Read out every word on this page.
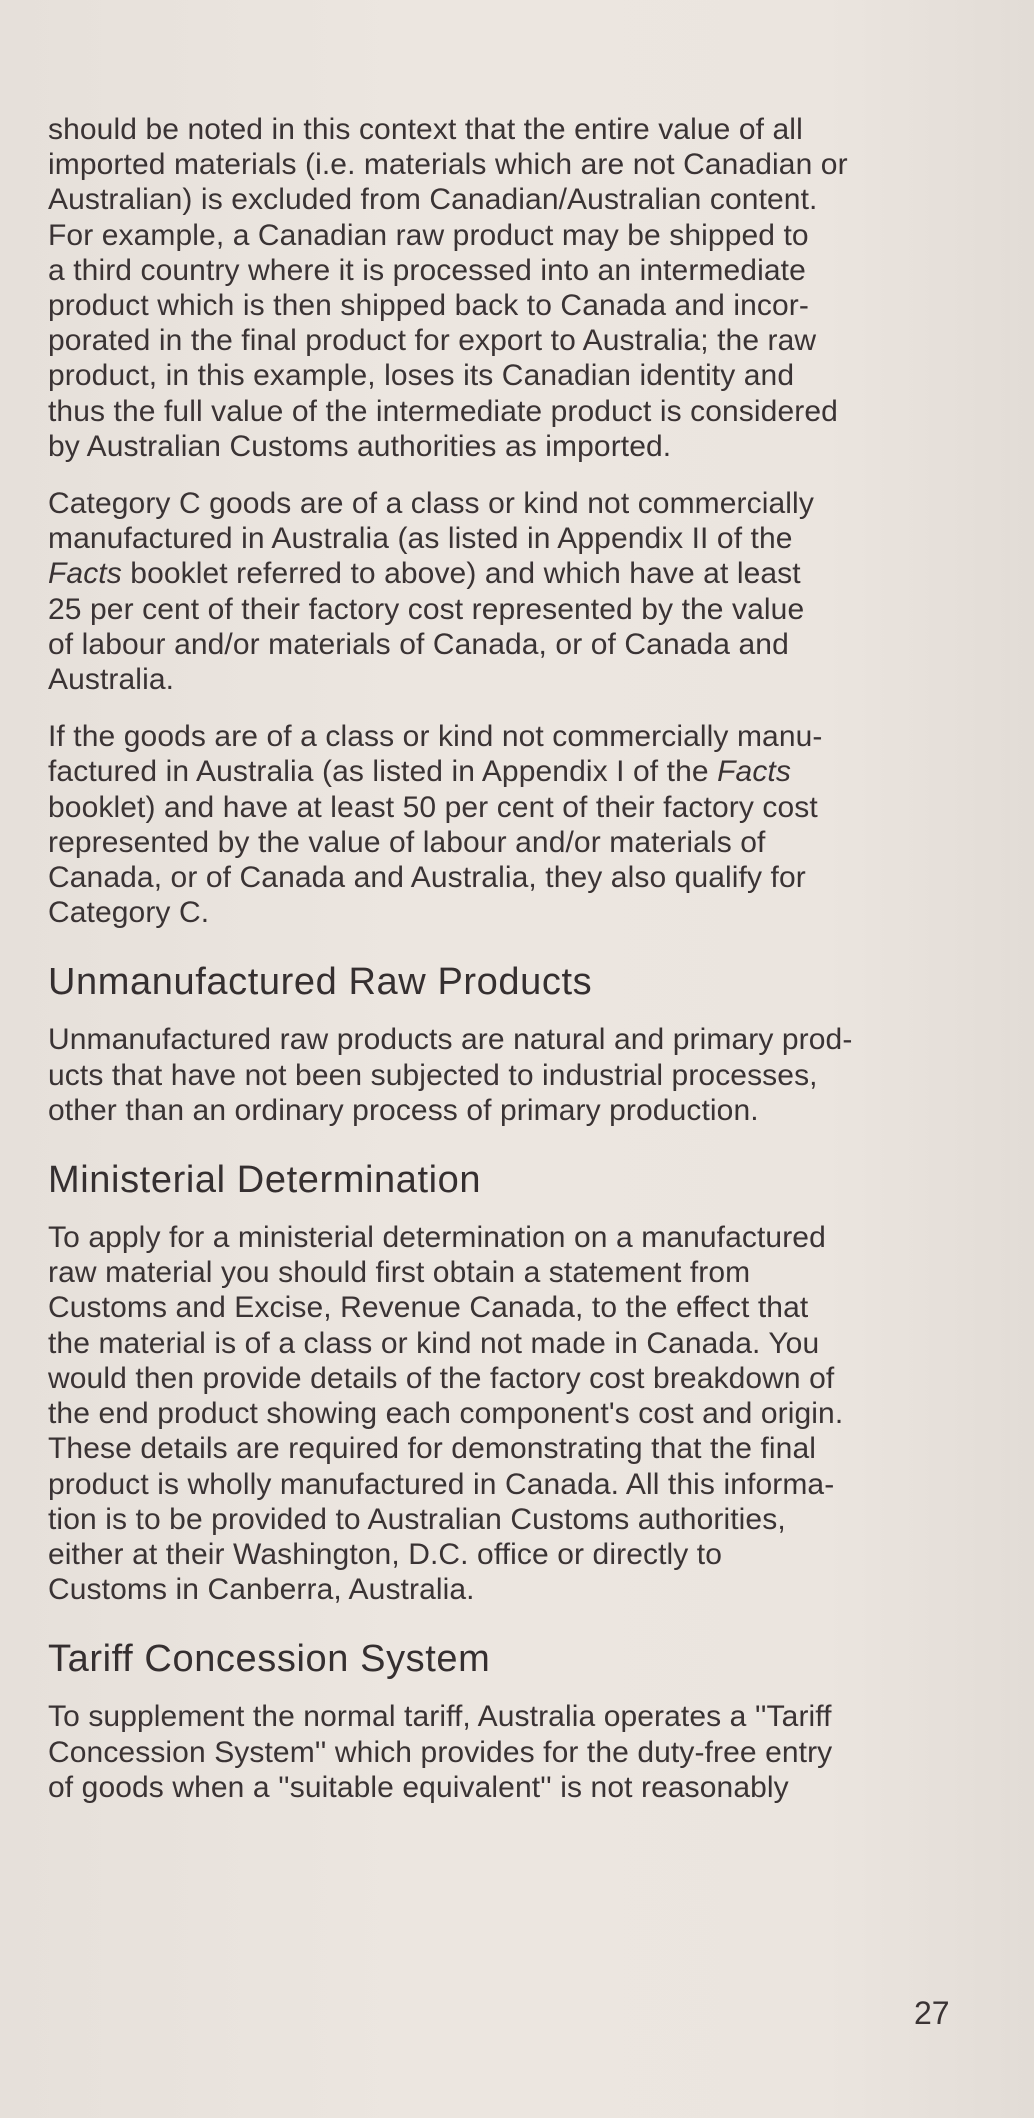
should be noted in this context that the entire value of all
imported materials (i.e. materials which are not Canadian or
Australian) is excluded from Canadian/Australian content.
For example, a Canadian raw product may be shipped to
a third country where it is processed into an intermediate
product which is then shipped back to Canada and incor-
porated in the final product for export to Australia; the raw
product, in this example, loses its Canadian identity and
thus the full value of the intermediate product is considered
by Australian Customs authorities as imported.

Category C goods are of a class or kind not commercially
manufactured in Australia (as listed in Appendix II of the
Facts booklet referred to above) and which have at least
25 per cent of their factory cost represented by the value
of labour and/or materials of Canada, or of Canada and
Australia.

If the goods are of a class or kind not commercially manu-
factured in Australia (as listed in Appendix I of the Facts
booklet) and have at least 50 per cent of their factory cost
represented by the value of labour and/or materials of
Canada, or of Canada and Australia, they also qualify for
Category C.

Unmanufactured Raw Products

Unmanufactured raw products are natural and primary prod-
ucts that have not been subjected to industrial processes,
other than an ordinary process of primary production.

Ministerial Determination

To apply for a ministerial determination on a manufactured
raw material you should first obtain a statement from
Customs and Excise, Revenue Canada, to the effect that
the material is of a class or kind not made in Canada. You
would then provide details of the factory cost breakdown of
the end product showing each component's cost and origin.
These details are required for demonstrating that the final
product is wholly manufactured in Canada. All this informa-
tion is to be provided to Australian Customs authorities,
either at their Washington, D.C. office or directly to
Customs in Canberra, Australia.

Tariff Concession System

To supplement the normal tariff, Australia operates a ''Tariff
Concession System'' which provides for the duty-free entry
of goods when a ''suitable equivalent'' is not reasonably

27
